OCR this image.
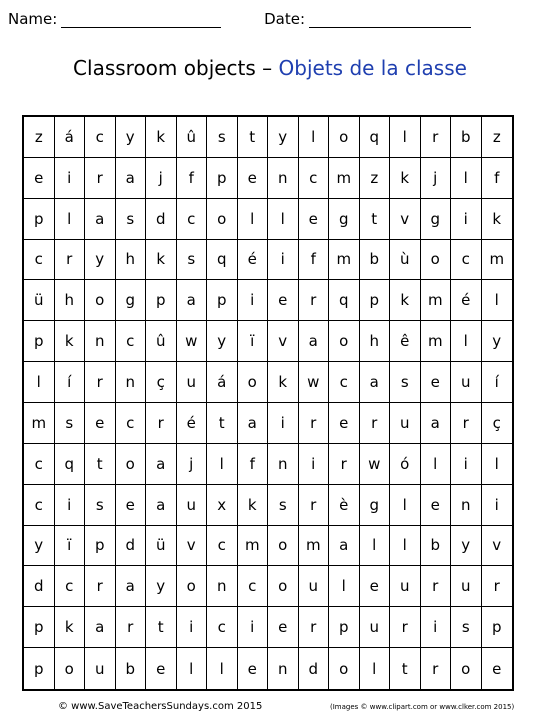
Name:	Date:
Classroom objects – Objets de la classe
z	á	c	y	k	û	s	t	y	l	o	q	l	r	b	z
e	i	r	a	j	f	p	e	n	c	m	z	k	j	l	f
p	l	a	s	d	c	o	l	l	e	g	t	v	g	i	k
c	r	y	h	k	s	q	é	i	f	m	b	ù	o	c	m
ü	h	o	g	p	a	p	i	e	r	q	p	k	m	é	l
p	k	n	c	û	w	y	ï	v	a	o	h	ê	m	l	y
l	í	r	n	ç	u	á	o	k	w	c	a	s	e	u	í
m	s	e	c	r	é	t	a	i	r	e	r	u	a	r	ç
c	q	t	o	a	j	l	f	n	i	r	w	ó	l	i	l
c	i	s	e	a	u	x	k	s	r	è	g	l	e	n	i
y	ï	p	d	ü	v	c	m	o	m	a	l	l	b	y	v
d	c	r	a	y	o	n	c	o	u	l	e	u	r	u	r
p	k	a	r	t	i	c	i	e	r	p	u	r	i	s	p
p	o	u	b	e	l	l	e	n	d	o	l	t	r	o	e
© www.SaveTeachersSundays.com 2015	(Images © www.clipart.com or www.clker.com 2015)
